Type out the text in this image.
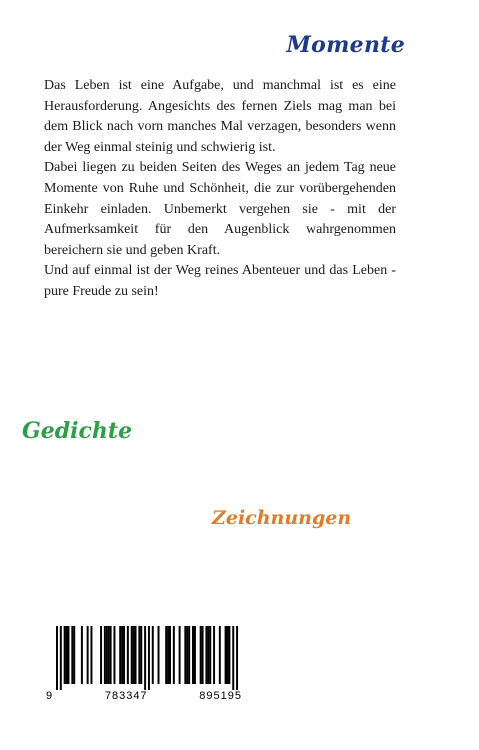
Momente

Das Leben ist eine Aufgabe, und manchmal ist es eine Herausforderung. Angesichts des fernen Ziels mag man bei dem Blick nach vorn manches Mal verzagen, besonders wenn der Weg einmal steinig und schwierig ist.

Dabei liegen zu beiden Seiten des Weges an jedem Tag neue Momente von Ruhe und Schönheit, die zur vorübergehenden Einkehr einladen. Unbemerkt vergehen sie - mit der Aufmerksamkeit für den Augenblick wahrgenommen bereichern sie und geben Kraft.

Und auf einmal ist der Weg reines Abenteuer und das Leben - pure Freude zu sein!

Gedichte
Zeichnungen
9	783347	895195
